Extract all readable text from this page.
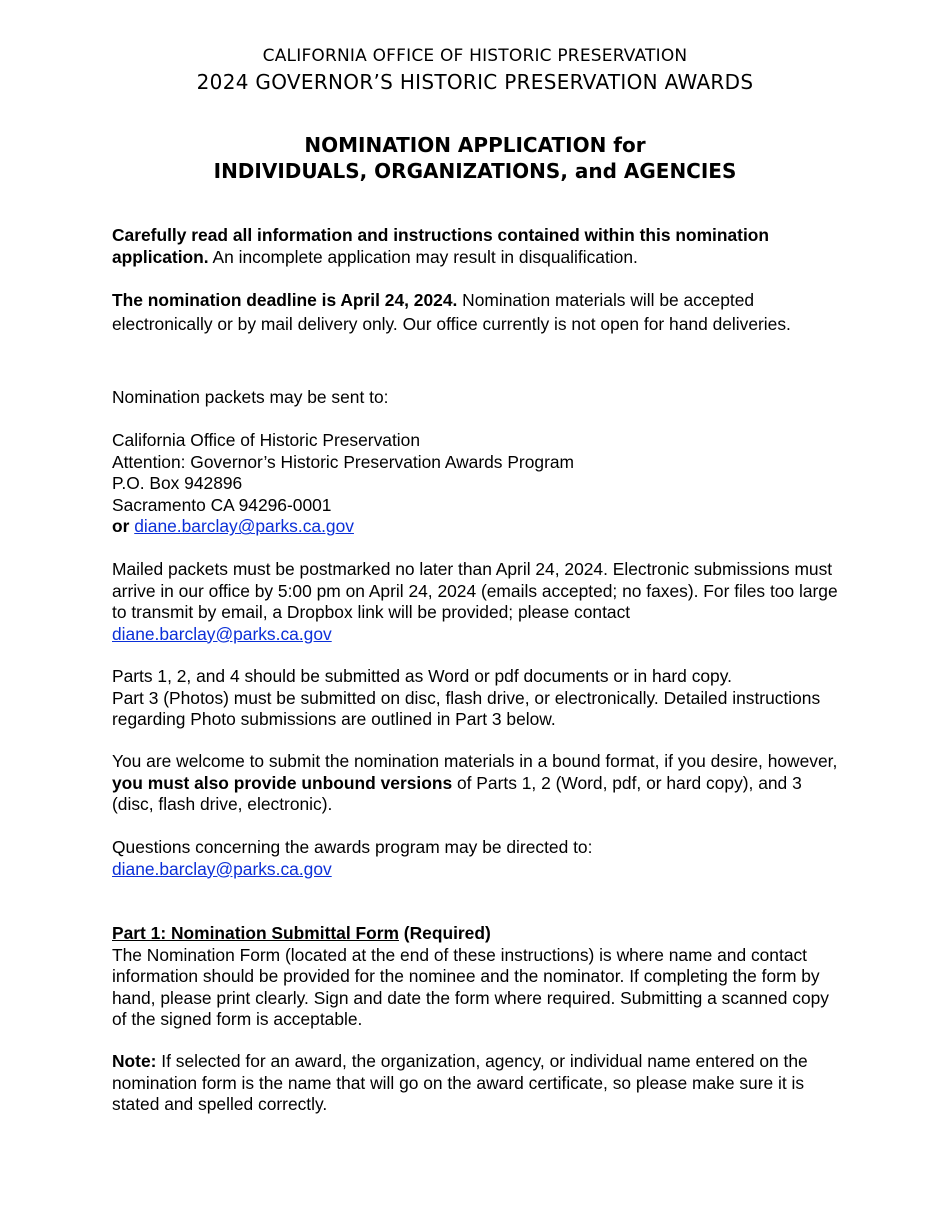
CALIFORNIA OFFICE OF HISTORIC PRESERVATION
2024 GOVERNOR’S HISTORIC PRESERVATION AWARDS
NOMINATION APPLICATION for
INDIVIDUALS, ORGANIZATIONS, and AGENCIES
Carefully read all information and instructions contained within this nomination application. An incomplete application may result in disqualification.
The nomination deadline is April 24, 2024. Nomination materials will be accepted electronically or by mail delivery only. Our office currently is not open for hand deliveries.
Nomination packets may be sent to:
California Office of Historic Preservation
Attention: Governor’s Historic Preservation Awards Program
P.O. Box 942896
Sacramento CA 94296-0001
or diane.barclay@parks.ca.gov
Mailed packets must be postmarked no later than April 24, 2024. Electronic submissions must arrive in our office by 5:00 pm on April 24, 2024 (emails accepted; no faxes). For files too large to transmit by email, a Dropbox link will be provided; please contact diane.barclay@parks.ca.gov
Parts 1, 2, and 4 should be submitted as Word or pdf documents or in hard copy.
Part 3 (Photos) must be submitted on disc, flash drive, or electronically. Detailed instructions regarding Photo submissions are outlined in Part 3 below.
You are welcome to submit the nomination materials in a bound format, if you desire, however, you must also provide unbound versions of Parts 1, 2 (Word, pdf, or hard copy), and 3 (disc, flash drive, electronic).
Questions concerning the awards program may be directed to:
diane.barclay@parks.ca.gov
Part 1: Nomination Submittal Form (Required)
The Nomination Form (located at the end of these instructions) is where name and contact information should be provided for the nominee and the nominator. If completing the form by hand, please print clearly. Sign and date the form where required. Submitting a scanned copy of the signed form is acceptable.
Note: If selected for an award, the organization, agency, or individual name entered on the nomination form is the name that will go on the award certificate, so please make sure it is stated and spelled correctly.
